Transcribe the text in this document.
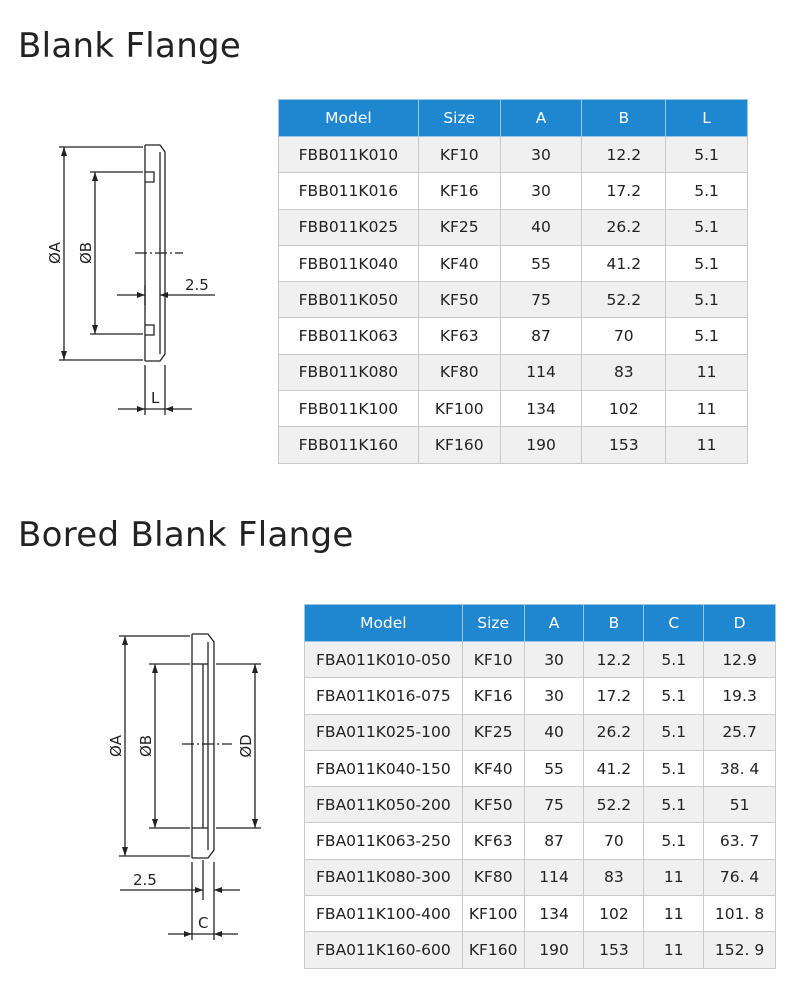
Blank Flange
Bored Blank Flange
ØA ØB
2.5
L
ØA ØB	ØD
2.5
C
Model	Size	A	B	L
FBB011K010	KF10	30	12.2	5.1
FBB011K016	KF16	30	17.2	5.1
FBB011K025	KF25	40	26.2	5.1
FBB011K040	KF40	55	41.2	5.1
FBB011K050	KF50	75	52.2	5.1
FBB011K063	KF63	87	70	5.1
FBB011K080	KF80	114	83	11
FBB011K100	KF100	134	102	11
FBB011K160	KF160	190	153	11
Model	Size	A	B	C	D
FBA011K010-050	KF10	30	12.2	5.1	12.9
FBA011K016-075	KF16	30	17.2	5.1	19.3
FBA011K025-100	KF25	40	26.2	5.1	25.7
FBA011K040-150	KF40	55	41.2	5.1	38. 4
FBA011K050-200	KF50	75	52.2	5.1	51
FBA011K063-250	KF63	87	70	5.1	63. 7
FBA011K080-300	KF80	114	83	11	76. 4
FBA011K100-400	KF100	134	102	11	101. 8
FBA011K160-600	KF160	190	153	11	152. 9
